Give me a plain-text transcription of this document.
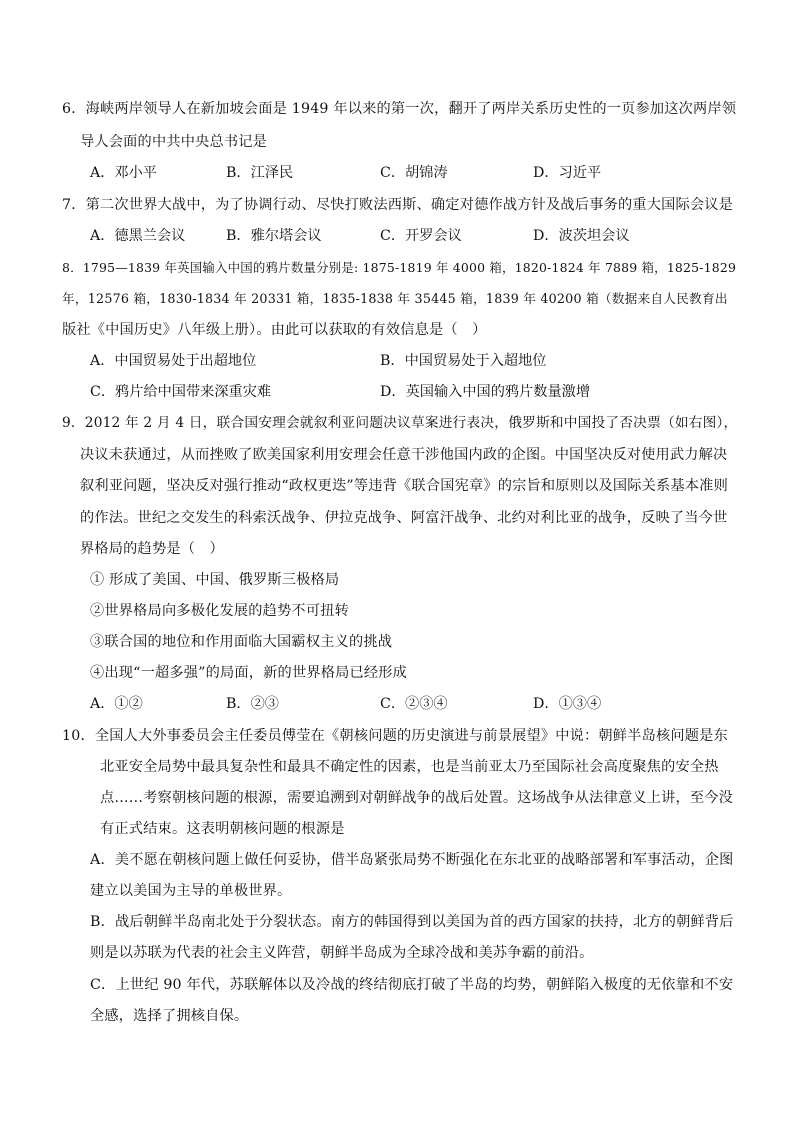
6．海峡两岸领导人在新加坡会面是 1949 年以来的第一次，翻开了两岸关系历史性的一页参加这次两岸领
导人会面的中共中央总书记是
A．邓小平	B．江泽民	C．胡锦涛	D．习近平
7．第二次世界大战中，为了协调行动、尽快打败法西斯、确定对德作战方针及战后事务的重大国际会议是
A．德黑兰会议	B．雅尔塔会议	C．开罗会议	D．波茨坦会议
8．1795—1839 年英国输入中国的鸦片数量分别是: 1875-1819 年 4000 箱，1820-1824 年 7889 箱，1825-1829
年，12576 箱，1830-1834 年 20331 箱，1835-1838 年 35445 箱，1839 年 40200 箱（数据来自人民教育出
版社《中国历史》八年级上册）。由此可以获取的有效信息是（　）
A．中国贸易处于出超地位	B．中国贸易处于入超地位
C．鸦片给中国带来深重灾难	D．英国输入中国的鸦片数量激增
9．2012 年 2 月 4 日，联合国安理会就叙利亚问题决议草案进行表决，俄罗斯和中国投了否决票（如右图），
决议未获通过，从而挫败了欧美国家利用安理会任意干涉他国内政的企图。中国坚决反对使用武力解决
叙利亚问题，坚决反对强行推动“政权更迭”等违背《联合国宪章》的宗旨和原则以及国际关系基本准则
的作法。世纪之交发生的科索沃战争、伊拉克战争、阿富汗战争、北约对利比亚的战争，反映了当今世
界格局的趋势是（　）
① 形成了美国、中国、俄罗斯三极格局
②世界格局向多极化发展的趋势不可扭转
③联合国的地位和作用面临大国霸权主义的挑战
④出现“一超多强”的局面，新的世界格局已经形成
A．①②	B．②③	C．②③④	D．①③④
10．全国人大外事委员会主任委员傅莹在《朝核问题的历史演进与前景展望》中说：朝鲜半岛核问题是东
北亚安全局势中最具复杂性和最具不确定性的因素，也是当前亚太乃至国际社会高度聚焦的安全热
点……考察朝核问题的根源，需要追溯到对朝鲜战争的战后处置。这场战争从法律意义上讲，至今没
有正式结束。这表明朝核问题的根源是
A．美不愿在朝核问题上做任何妥协，借半岛紧张局势不断强化在东北亚的战略部署和军事活动，企图
建立以美国为主导的单极世界。
B．战后朝鲜半岛南北处于分裂状态。南方的韩国得到以美国为首的西方国家的扶持，北方的朝鲜背后
则是以苏联为代表的社会主义阵营，朝鲜半岛成为全球冷战和美苏争霸的前沿。
C．上世纪 90 年代，苏联解体以及冷战的终结彻底打破了半岛的均势，朝鲜陷入极度的无依靠和不安
全感，选择了拥核自保。
